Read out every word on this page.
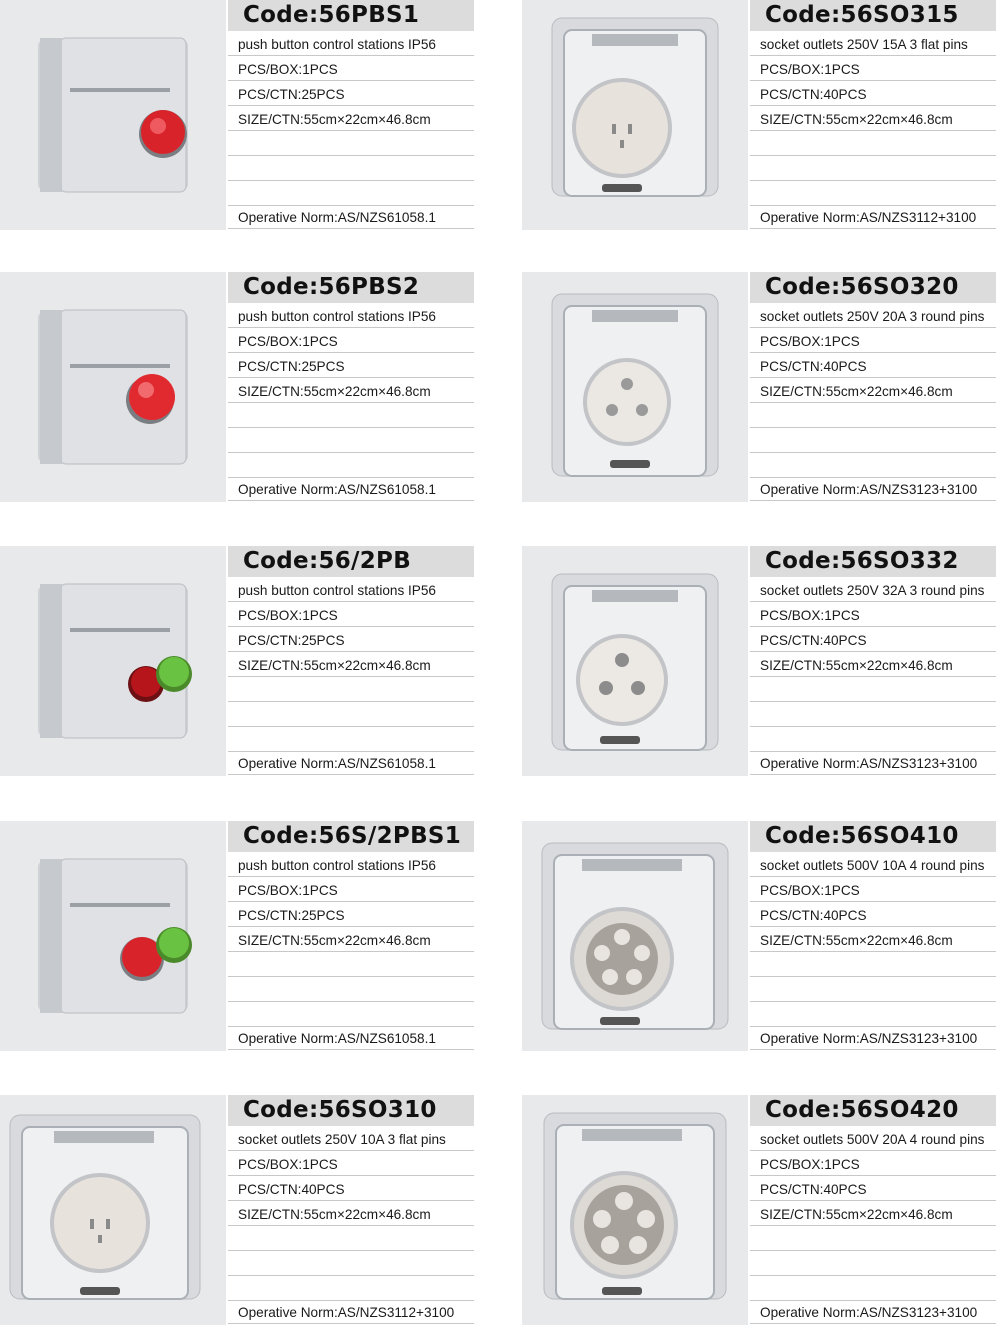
Code:56PBS1
push button control stations IP56
PCS/BOX:1PCS
PCS/CTN:25PCS
SIZE/CTN:55cm×22cm×46.8cm
Operative Norm:AS/NZS61058.1
Code:56SO315
socket outlets 250V 15A 3 flat pins
PCS/BOX:1PCS
PCS/CTN:40PCS
SIZE/CTN:55cm×22cm×46.8cm
Operative Norm:AS/NZS3112+3100
Code:56PBS2
push button control stations IP56
PCS/BOX:1PCS
PCS/CTN:25PCS
SIZE/CTN:55cm×22cm×46.8cm
Operative Norm:AS/NZS61058.1
Code:56SO320
socket outlets 250V 20A 3 round pins
PCS/BOX:1PCS
PCS/CTN:40PCS
SIZE/CTN:55cm×22cm×46.8cm
Operative Norm:AS/NZS3123+3100
Code:56/2PB
push button control stations IP56
PCS/BOX:1PCS
PCS/CTN:25PCS
SIZE/CTN:55cm×22cm×46.8cm
Operative Norm:AS/NZS61058.1
Code:56SO332
socket outlets 250V 32A 3 round pins
PCS/BOX:1PCS
PCS/CTN:40PCS
SIZE/CTN:55cm×22cm×46.8cm
Operative Norm:AS/NZS3123+3100
Code:56S/2PBS1
push button control stations IP56
PCS/BOX:1PCS
PCS/CTN:25PCS
SIZE/CTN:55cm×22cm×46.8cm
Operative Norm:AS/NZS61058.1
Code:56SO410
socket outlets 500V 10A 4 round pins
PCS/BOX:1PCS
PCS/CTN:40PCS
SIZE/CTN:55cm×22cm×46.8cm
Operative Norm:AS/NZS3123+3100
Code:56SO310
socket outlets 250V 10A 3 flat pins
PCS/BOX:1PCS
PCS/CTN:40PCS
SIZE/CTN:55cm×22cm×46.8cm
Operative Norm:AS/NZS3112+3100
Code:56SO420
socket outlets 500V 20A 4 round pins
PCS/BOX:1PCS
PCS/CTN:40PCS
SIZE/CTN:55cm×22cm×46.8cm
Operative Norm:AS/NZS3123+3100
